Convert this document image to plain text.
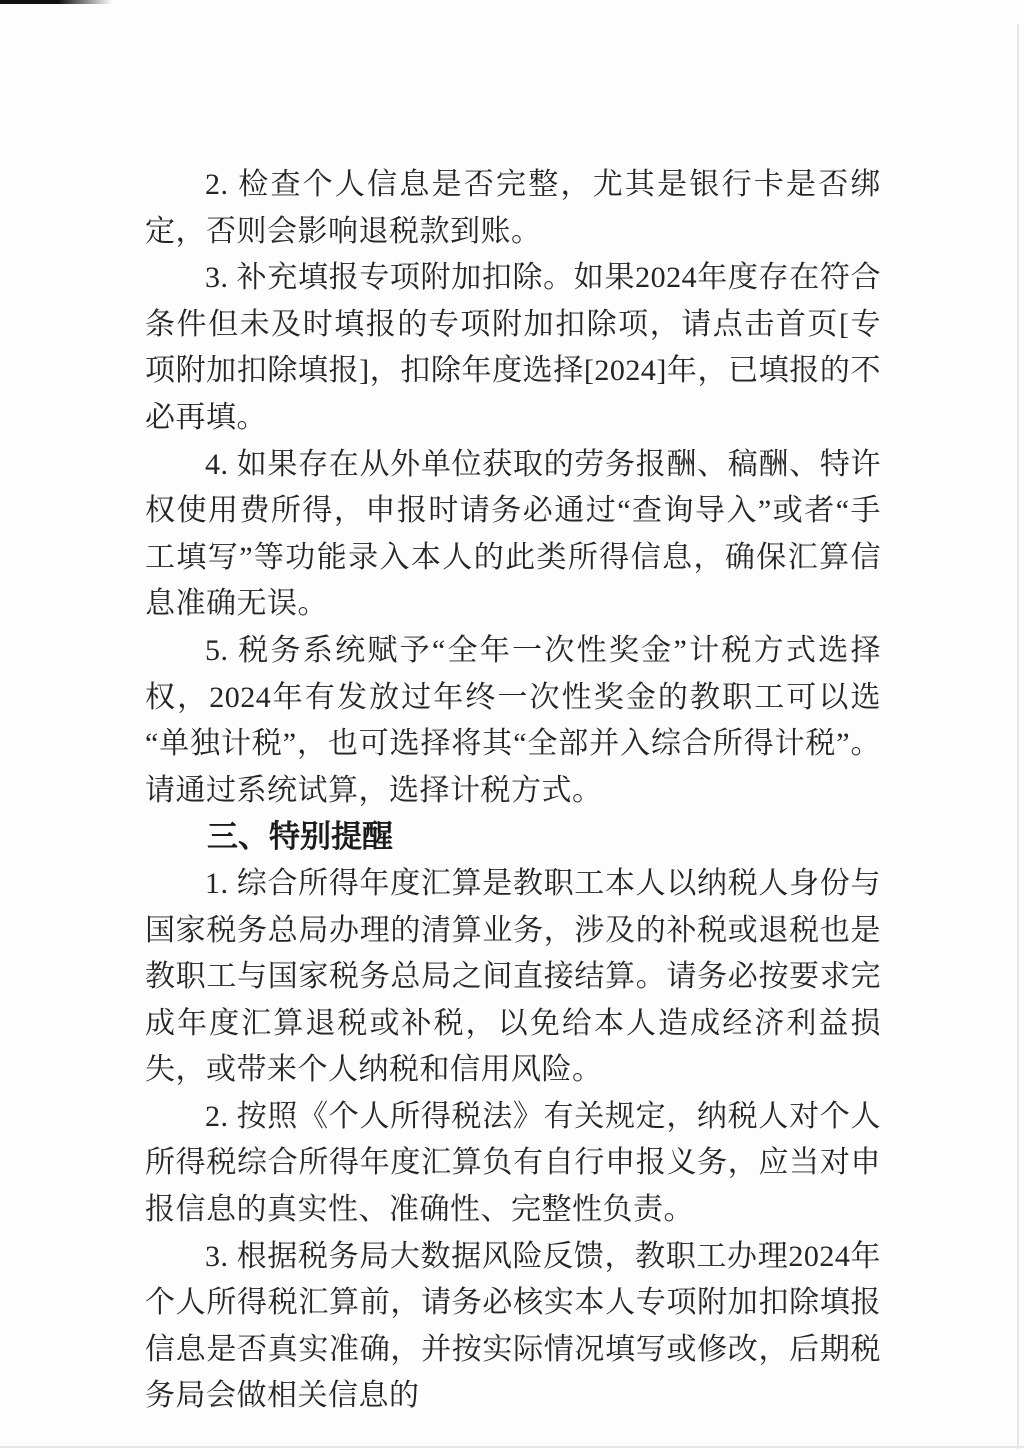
2. 检查个人信息是否完整，尤其是银行卡是否绑定，否则会影响退税款到账。

3. 补充填报专项附加扣除。如果2024年度存在符合条件但未及时填报的专项附加扣除项，请点击首页[专项附加扣除填报]，扣除年度选择[2024]年，已填报的不必再填。

4. 如果存在从外单位获取的劳务报酬、稿酬、特许权使用费所得，申报时请务必通过“查询导入”或者“手工填写”等功能录入本人的此类所得信息，确保汇算信息准确无误。

5. 税务系统赋予“全年一次性奖金”计税方式选择权，2024年有发放过年终一次性奖金的教职工可以选“单独计税”，也可选择将其“全部并入综合所得计税”。请通过系统试算，选择计税方式。

三、特别提醒

1. 综合所得年度汇算是教职工本人以纳税人身份与国家税务总局办理的清算业务，涉及的补税或退税也是教职工与国家税务总局之间直接结算。请务必按要求完成年度汇算退税或补税，以免给本人造成经济利益损失，或带来个人纳税和信用风险。

2. 按照《个人所得税法》有关规定，纳税人对个人所得税综合所得年度汇算负有自行申报义务，应当对申报信息的真实性、准确性、完整性负责。

3. 根据税务局大数据风险反馈，教职工办理2024年个人所得税汇算前，请务必核实本人专项附加扣除填报信息是否真实准确，并按实际情况填写或修改，后期税务局会做相关信息的
